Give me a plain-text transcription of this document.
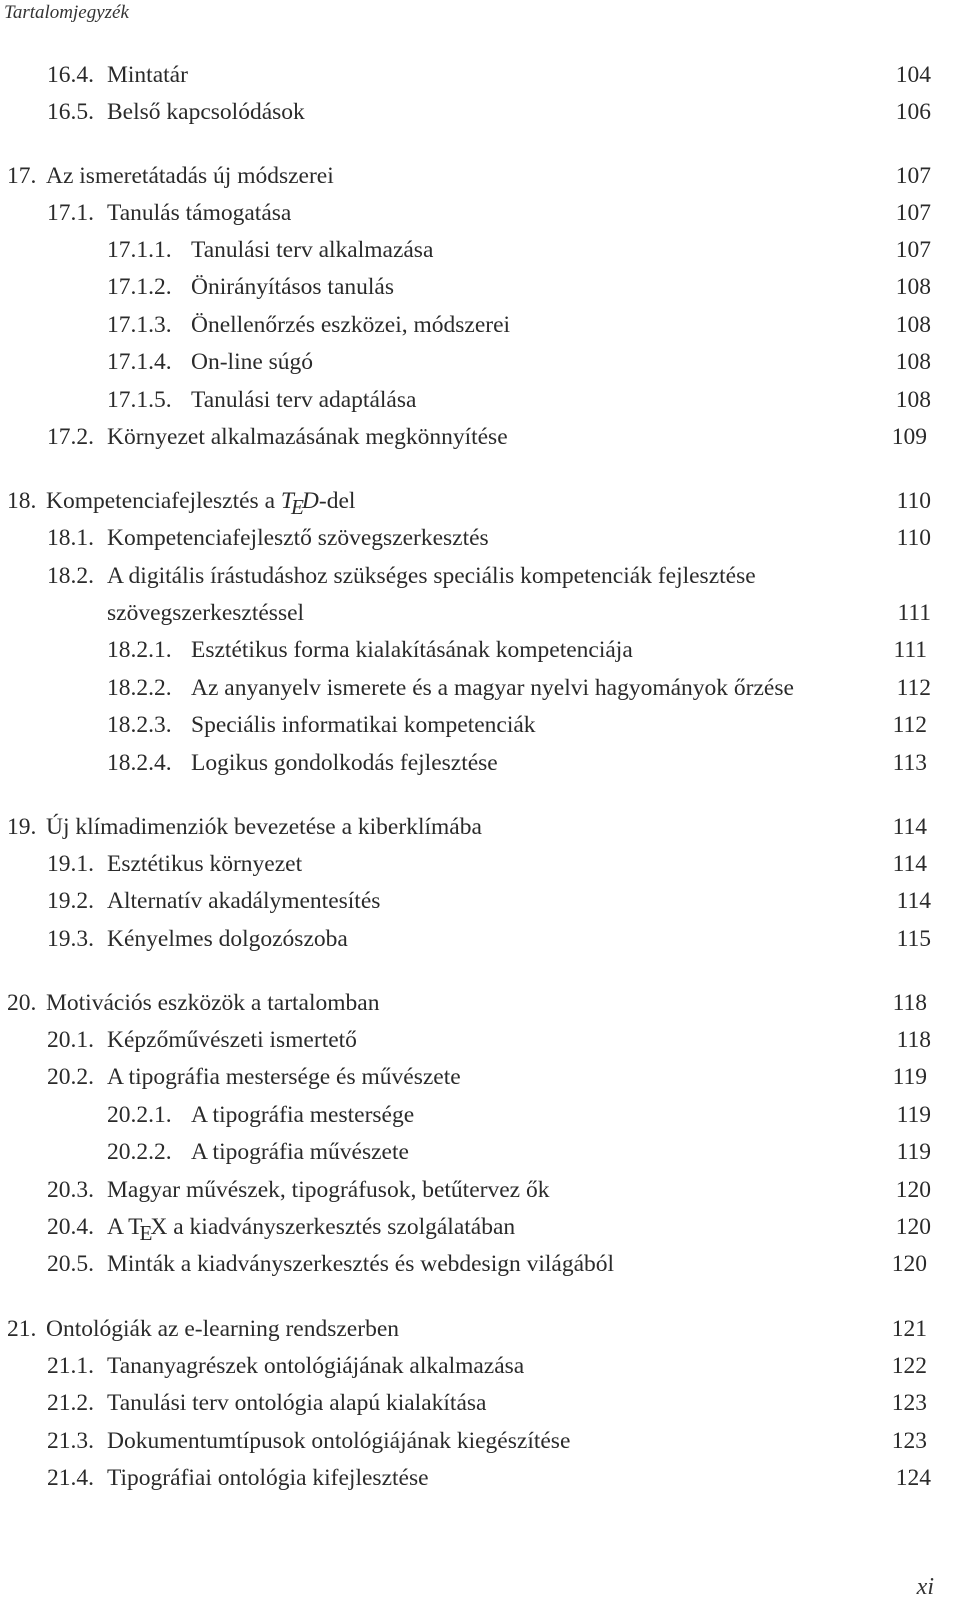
Tartalomjegyzék
16.4. Mintatár	104
16.5. Belső kapcsolódások	106
17. Az ismeretátadás új módszerei	107
17.1. Tanulás támogatása	107
17.1.1. Tanulási terv alkalmazása	107
17.1.2. Önirányításos tanulás	108
17.1.3. Önellenőrzés eszközei, módszerei	108
17.1.4. On-line súgó	108
17.1.5. Tanulási terv adaptálása	108
17.2. Környezet alkalmazásának megkönnyítése	109
18. Kompetenciafejlesztés a TED-del	110
18.1. Kompetenciafejlesztő szövegszerkesztés	110
18.2. A digitális írástudáshoz szükséges speciális kompetenciák fejlesztése
szövegszerkesztéssel	111
18.2.1. Esztétikus forma kialakításának kompetenciája	111
18.2.2. Az anyanyelv ismerete és a magyar nyelvi hagyományok őrzése	112
18.2.3. Speciális informatikai kompetenciák	112
18.2.4. Logikus gondolkodás fejlesztése	113
19. Új klímadimenziók bevezetése a kiberklímába	114
19.1. Esztétikus környezet	114
19.2. Alternatív akadálymentesítés	114
19.3. Kényelmes dolgozószoba	115
20. Motivációs eszközök a tartalomban	118
20.1. Képzőművészeti ismertető	118
20.2. A tipográfia mestersége és művészete	119
20.2.1. A tipográfia mestersége	119
20.2.2. A tipográfia művészete	119
20.3. Magyar művészek, tipográfusok, betűtervez ők	120
20.4. A TEX a kiadványszerkesztés szolgálatában	120
20.5. Minták a kiadványszerkesztés és webdesign világából	120
21. Ontológiák az e-learning rendszerben	121
21.1. Tananyagrészek ontológiájának alkalmazása	122
21.2. Tanulási terv ontológia alapú kialakítása	123
21.3. Dokumentumtípusok ontológiájának kiegészítése	123
21.4. Tipográfiai ontológia kifejlesztése	124
xi
